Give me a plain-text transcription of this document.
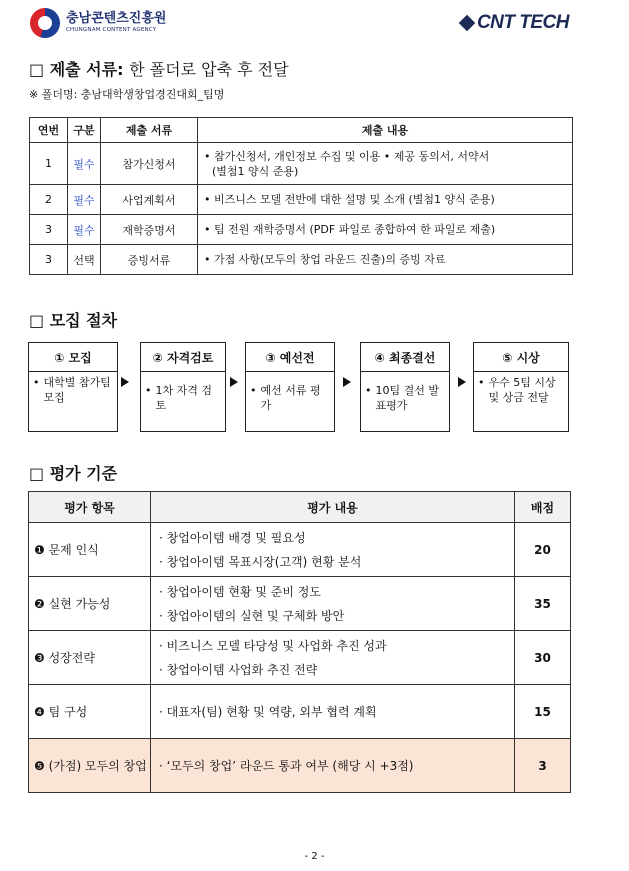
충남콘텐츠진흥원
CHUNGNAM CONTENT AGENCY	CNT TECH
□ 제출 서류: 한 폴더로 압축 후 전달
※ 폴더명: 충남대학생창업경진대회_팀명
연번	구분	제출 서류	제출 내용
1	필수	참가신청서	• 참가신청서, 개인정보 수집 및 이용 • 제공 동의서, 서약서
(별첨1 양식 준용)

2	필수	사업계획서	• 비즈니스 모델 전반에 대한 설명 및 소개 (별첨1 양식 준용)
3	필수	재학증명서	• 팀 전원 재학증명서 (PDF 파일로 종합하여 한 파일로 제출)
3	선택	증빙서류	• 가점 사항(모두의 창업 라운드 진출)의 증빙 자료
□ 모집 절차
① 모집
• 대학별 참가팀 모집
② 자격검토
• 1차 자격 검토
③ 예선전
• 예선 서류 평가
④ 최종결선
• 10팀 결선 발표평가
⑤ 시상
• 우수 5팀 시상 및 상금 전달
□ 평가 기준
평가 항목	평가 내용	배점
❶ 문제 인식	· 창업아이템 배경 및 필요성
· 창업아이템 목표시장(고객) 현황 분석	20
❷ 실현 가능성	· 창업아이템 현황 및 준비 정도
· 창업아이템의 실현 및 구체화 방안	35
❸ 성장전략	· 비즈니스 모델 타당성 및 사업화 추진 성과
· 창업아이템 사업화 추진 전략	30
❹ 팀 구성	· 대표자(팀) 현황 및 역량, 외부 협력 계획	15
❺ (가점) 모두의 창업	· ‘모두의 창업’ 라운드 통과 여부 (해당 시 +3점)	3
- 2 -
